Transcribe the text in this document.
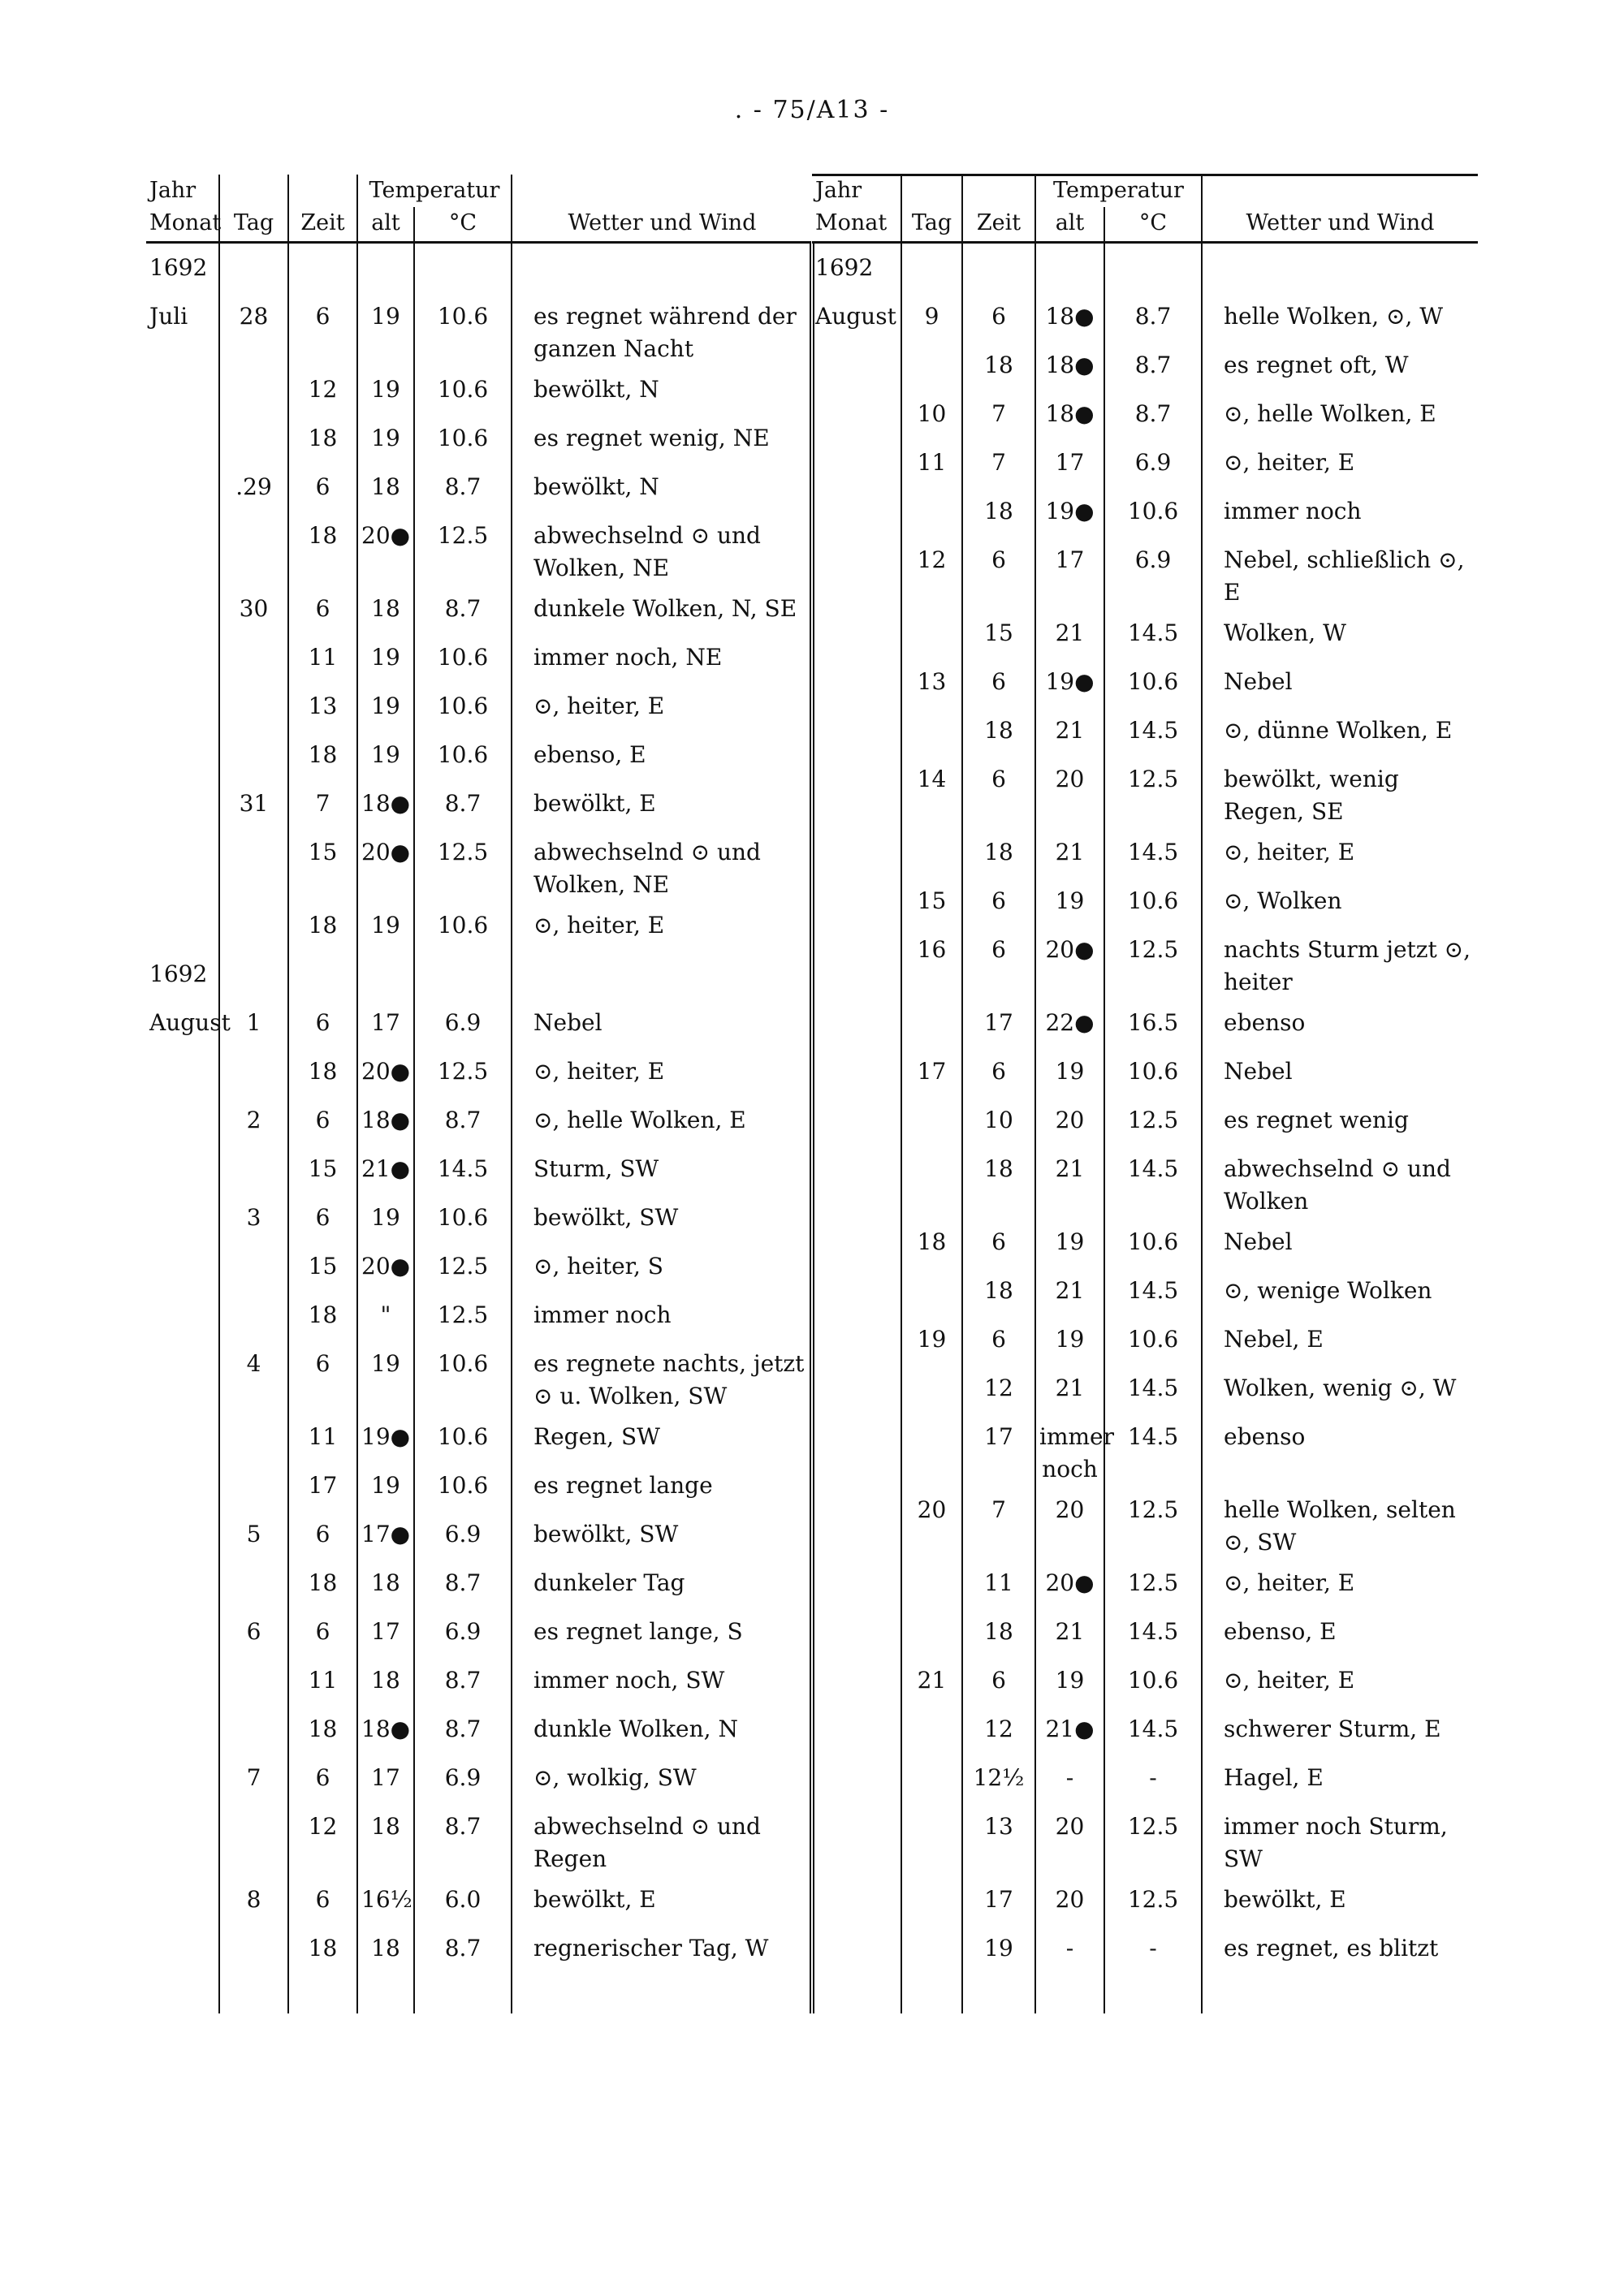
. - 75/A13 -
Jahr			Temperatur		
Monat	Tag	Zeit	alt	°C	Wetter und Wind
1692					
Juli	28	6	19	10.6	es regnet während der ganzen Nacht
		12	19	10.6	bewölkt, N
		18	19	10.6	es regnet wenig, NE
	.29	6	18	8.7	bewölkt, N
		18	20●	12.5	abwechselnd ⊙ und Wolken, NE
	30	6	18	8.7	dunkele Wolken, N, SE
		11	19	10.6	immer noch, NE
		13	19	10.6	⊙, heiter, E
		18	19	10.6	ebenso, E
	31	7	18●	8.7	bewölkt, E
		15	20●	12.5	abwechselnd ⊙ und Wolken, NE
		18	19	10.6	⊙, heiter, E
1692					
August	1	6	17	6.9	Nebel
		18	20●	12.5	⊙, heiter, E
	2	6	18●	8.7	⊙, helle Wolken, E
		15	21●	14.5	Sturm, SW
	3	6	19	10.6	bewölkt, SW
		15	20●	12.5	⊙, heiter, S
		18	"	12.5	immer noch
	4	6	19	10.6	es regnete nachts, jetzt ⊙ u. Wolken, SW
		11	19●	10.6	Regen, SW
		17	19	10.6	es regnet lange
	5	6	17●	6.9	bewölkt, SW
		18	18	8.7	dunkeler Tag
	6	6	17	6.9	es regnet lange, S
		11	18	8.7	immer noch, SW
		18	18●	8.7	dunkle Wolken, N
	7	6	17	6.9	⊙, wolkig, SW
		12	18	8.7	abwechselnd ⊙ und Regen
	8	6	16½	6.0	bewölkt, E
		18	18	8.7	regnerischer Tag, W

Jahr			Temperatur		
Monat	Tag	Zeit	alt	°C	Wetter und Wind
1692					
August	9	6	18●	8.7	helle Wolken, ⊙, W
		18	18●	8.7	es regnet oft, W
	10	7	18●	8.7	⊙, helle Wolken, E
	11	7	17	6.9	⊙, heiter, E
		18	19●	10.6	immer noch
	12	6	17	6.9	Nebel, schließlich ⊙, E
		15	21	14.5	Wolken, W
	13	6	19●	10.6	Nebel
		18	21	14.5	⊙, dünne Wolken, E
	14	6	20	12.5	bewölkt, wenig Regen, SE
		18	21	14.5	⊙, heiter, E
	15	6	19	10.6	⊙, Wolken
	16	6	20●	12.5	nachts Sturm jetzt ⊙, heiter
		17	22●	16.5	ebenso
	17	6	19	10.6	Nebel
		10	20	12.5	es regnet wenig
		18	21	14.5	abwechselnd ⊙ und Wolken
	18	6	19	10.6	Nebel
		18	21	14.5	⊙, wenige Wolken
	19	6	19	10.6	Nebel, E
		12	21	14.5	Wolken, wenig ⊙, W
		17	immer noch	14.5	ebenso
	20	7	20	12.5	helle Wolken, selten ⊙, SW
		11	20●	12.5	⊙, heiter, E
		18	21	14.5	ebenso, E
	21	6	19	10.6	⊙, heiter, E
		12	21●	14.5	schwerer Sturm, E
		12½	-	-	Hagel, E
		13	20	12.5	immer noch Sturm, SW
		17	20	12.5	bewölkt, E
		19	-	-	es regnet, es blitzt
